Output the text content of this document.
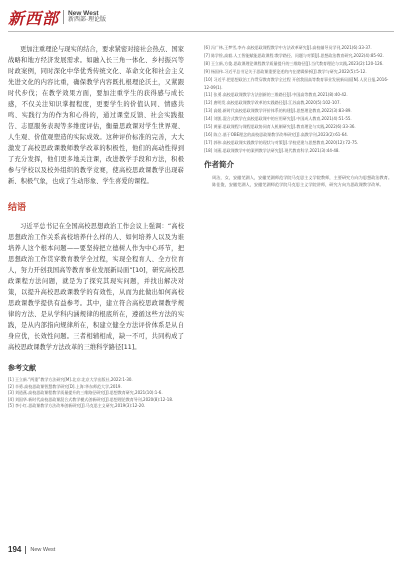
新西部 New West
新西部·理论版

更加注重理论与现实的结合，要求紧密对接社会热点、国家战略和地方经济发展需求。如融入长三角一体化、乡村振兴等时政案例，同时深化中华优秀传统文化、革命文化和社会主义先进文化的内容比重，确保教学内容既扎根理论沃土，又紧跟时代步伐；在教学效果方面，要加注重学生的获得感与成长感，不仅关注知识掌握程度，更要学生的价值认同、情感共鸣、实践行为的作为和心得的，通过课堂反馈、社会实践报告、志愿服务表现等多维度评估，衡量思政课对学生世界观、人生观、价值观塑造的实际成效。这种评价标准的完善，大大激发了高校思政课教师教学改革的积极性，他们的高动性得到了充分发挥，他们更多地关注课，改进教学手段和方法，积极参与学校以及校外组织的教学竞赛，使高校思政课教学出现崭新、积极气象，也成了生动形象、学生喜爱的课程。

结语

习近平总书记在全国高校思想政治工作会议上强调：“高校思想政治工作关系高校培养什么样的人、如何培养人以及为谁培养人这个根本问题——要坚持把立德树人作为中心环节，把思想政治工作贯穿教育教学全过程，实现全程育人、全方位育人，努力开创我国高等教育事业发展新局面”[10]，研究高校思政课程方法问题，就是为了探究其现实问题，并找出解决对策，以提升高校思政课教学的有效性，从而为此做出如何高校思政课教学提供有益参考。其中，建立符合高校思政课教学规律的方法、是从学科内涵规律的根底所在，遵循这些方法的实践，是从内部指向规律所在，积建立健全方法评价体系是从自身应优，长效性问题。三者相辅相成，缺一不可，共同构成了高校思政课教学方法改革的三维科学路径[11]。

参考文献

[1] 王立新.“两重”教学方法研究[M].北京:北京大学出版社,2022:1-30.

[2] 辛勇.高校思政课智慧教学研究[D].上海:华东师范大学,2019.

[3] 刘道燕.高校思政课程教学质量提升的三维路径研究[J].思想教育研究,2021(10):1-6.

[4] 刘国华.新时代高校思政课混合式教学模式创新研究[J].思想理论教育导刊,2020(8):12-18.

[5] 李小红.思政课教学方法改革创新研究[J].马克思主义研究,2019(3):12-20.

[6] 冯广林,王梦雪,李卉.高校思政课程教学中方法改革研究[J].高校辅导员学刊,2021(6):33-37.

[7] 陈学俭,高毅.人工智能赋能思政课程:教学路径、问题与对策[J].思想政治教育研究,2022(4):85-92.

[8] 王立新,方俊.思政课理论课程教学质量提升的三维路径[J].当代教育理论与实践,2023(2):120-126.

[9] 杨国伟.习近平总书记关于思政课重要论述的内在逻辑探析[J].教学与研究,2022(5):5-12.

[10] 习近平.把思想政治工作贯穿教育教学全过程 开创我国高等教育事业发展新局面[N].人民日报,2016-12-09(1).

[11] 张勇.高校思政课教学方法创新的三维路径[J].中国高等教育,2021(8):40-42.

[12] 唐明发.高校思政课教学改革的实践路径[J].江苏高教,2020(5):102-107.

[13] 高媛.新时代高校思政课教学评价体系的构建[J].思想理论教育,2022(3):83-89.

[14] 刘凯.混合式教学在高校思政课中的应用研究[J].中国成人教育,2021(4):51-55.

[15] 黄丽.思政课程与课程思政协同育人机制研究[J].教育理论与实践,2022(6):33-36.

[16] 陈立.基于OBE理念的高校思政课教学改革研究[J].高教学刊,2023(2):61-64.

[17] 郭伟.高校思政课实践教学的现状与对策[J].学校党建与思想教育,2020(12):72-75.

[18] 刘燕.思政课教学中的案例教学法研究[J].现代教育科学,2021(3):44-48.

作者简介

周洁，女，安徽芜湖人，安徽芜湖师范学院马克思主义学院教师，主要研究方向为思想政治教育。

陈佳俊，安徽芜湖人，安徽芜湖师范学院马克思主义学院讲师，研究方向为思政课教学改革。

194 New West
